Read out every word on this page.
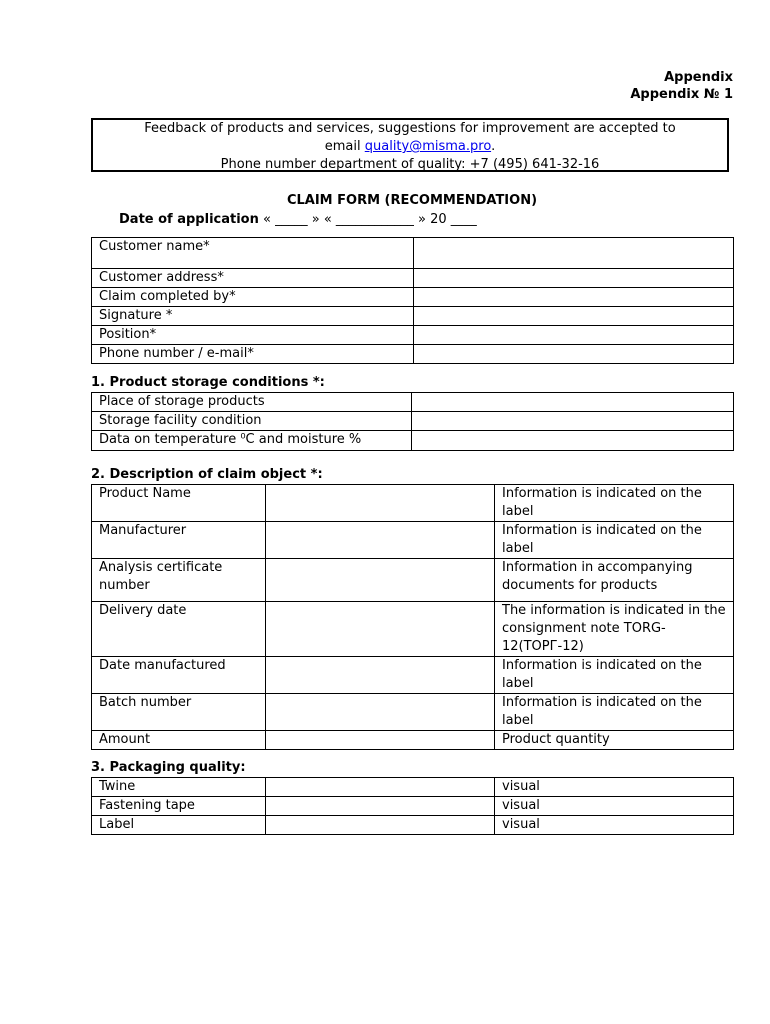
Appendix
Appendix № 1
Feedback of products and services, suggestions for improvement are accepted to
email quality@misma.pro.
Phone number department of quality: +7 (495) 641-32-16
CLAIM FORM (RECOMMENDATION)
Date of application « _____ » « ____________ » 20 ____
Customer name*	
Customer address*	
Claim completed by*	
Signature *	
Position*	
Phone number / e-mail*	
1. Product storage conditions *:
Place of storage products	
Storage facility condition	
Data on temperature ⁰C and moisture %	
2. Description of claim object *:
Product Name		Information is indicated on the label
Manufacturer		Information is indicated on the label
Analysis certificate number		Information in accompanying documents for products
Delivery date		The information is indicated in the consignment note TORG-12(ТОРГ-12)
Date manufactured		Information is indicated on the label
Batch number		Information is indicated on the label
Amount		Product quantity
3. Packaging quality:
Twine		visual
Fastening tape		visual
Label		visual
